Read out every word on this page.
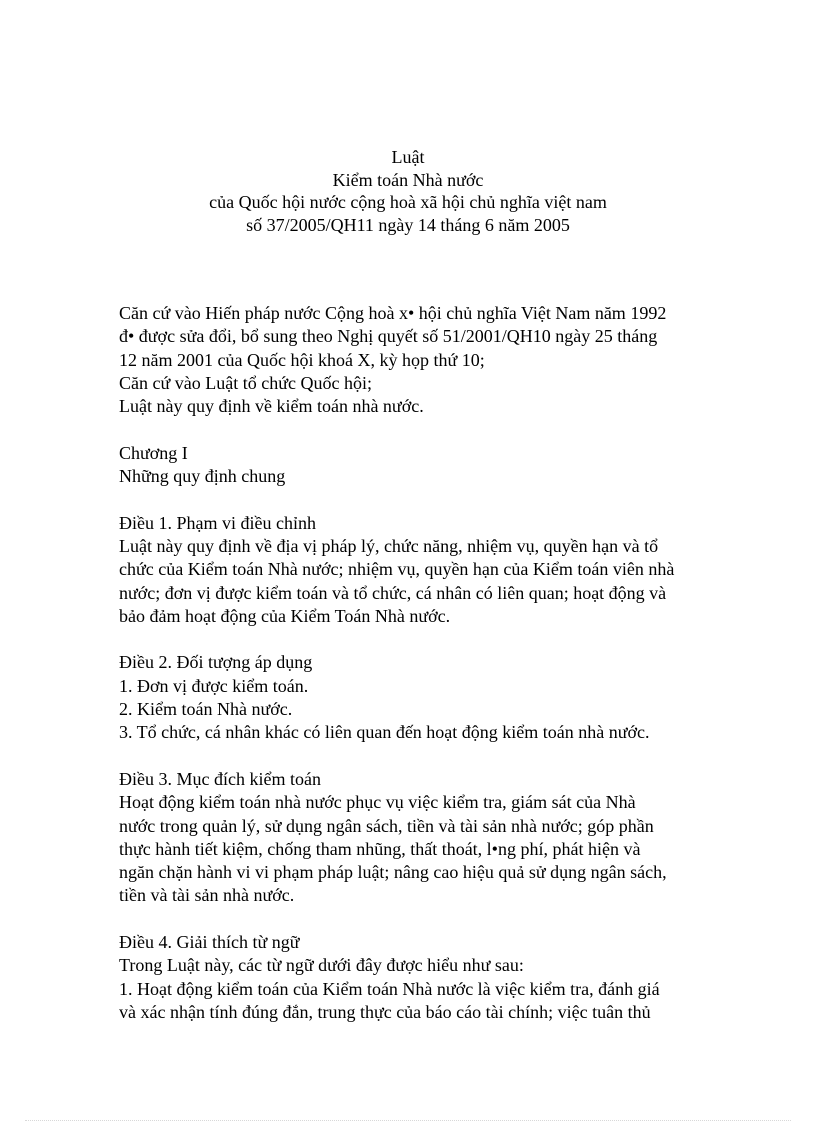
Luật
Kiểm toán Nhà nước
của Quốc hội nước cộng hoà xã hội chủ nghĩa việt nam
số 37/2005/QH11 ngày 14 tháng 6 năm 2005
Căn cứ vào Hiến pháp nước Cộng hoà x• hội chủ nghĩa Việt Nam năm 1992
đ• được sửa đổi, bổ sung theo Nghị quyết số 51/2001/QH10 ngày 25 tháng
12 năm 2001 của Quốc hội khoá X, kỳ họp thứ 10;
Căn cứ vào Luật tổ chức Quốc hội;
Luật này quy định về kiểm toán nhà nước.
Chương I
Những quy định chung
Điều 1. Phạm vi điều chỉnh
Luật này quy định về địa vị pháp lý, chức năng, nhiệm vụ, quyền hạn và tổ
chức của Kiểm toán Nhà nước; nhiệm vụ, quyền hạn của Kiểm toán viên nhà
nước; đơn vị được kiểm toán và tổ chức, cá nhân có liên quan; hoạt động và
bảo đảm hoạt động của Kiểm Toán Nhà nước.
Điều 2. Đối tượng áp dụng
1. Đơn vị được kiểm toán.
2. Kiểm toán Nhà nước.
3. Tổ chức, cá nhân khác có liên quan đến hoạt động kiểm toán nhà nước.
Điều 3. Mục đích kiểm toán
Hoạt động kiểm toán nhà nước phục vụ việc kiểm tra, giám sát của Nhà
nước trong quản lý, sử dụng ngân sách, tiền và tài sản nhà nước; góp phần
thực hành tiết kiệm, chống tham nhũng, thất thoát, l•ng phí, phát hiện và
ngăn chặn hành vi vi phạm pháp luật; nâng cao hiệu quả sử dụng ngân sách,
tiền và tài sản nhà nước.
Điều 4. Giải thích từ ngữ
Trong Luật này, các từ ngữ dưới đây được hiểu như sau:
1. Hoạt động kiểm toán của Kiểm toán Nhà nước là việc kiểm tra, đánh giá
và xác nhận tính đúng đắn, trung thực của báo cáo tài chính; việc tuân thủ
